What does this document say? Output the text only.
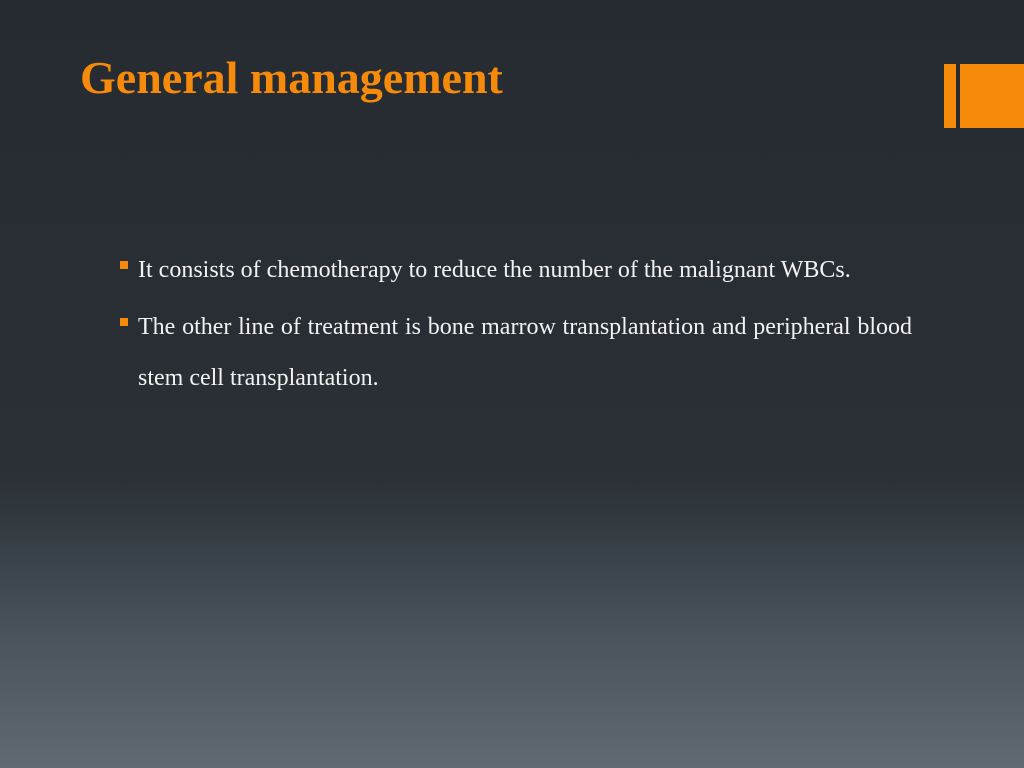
General management
It consists of chemotherapy to reduce the number of the malignant WBCs.
The other line of treatment is bone marrow transplantation and peripheral blood stem cell transplantation.
